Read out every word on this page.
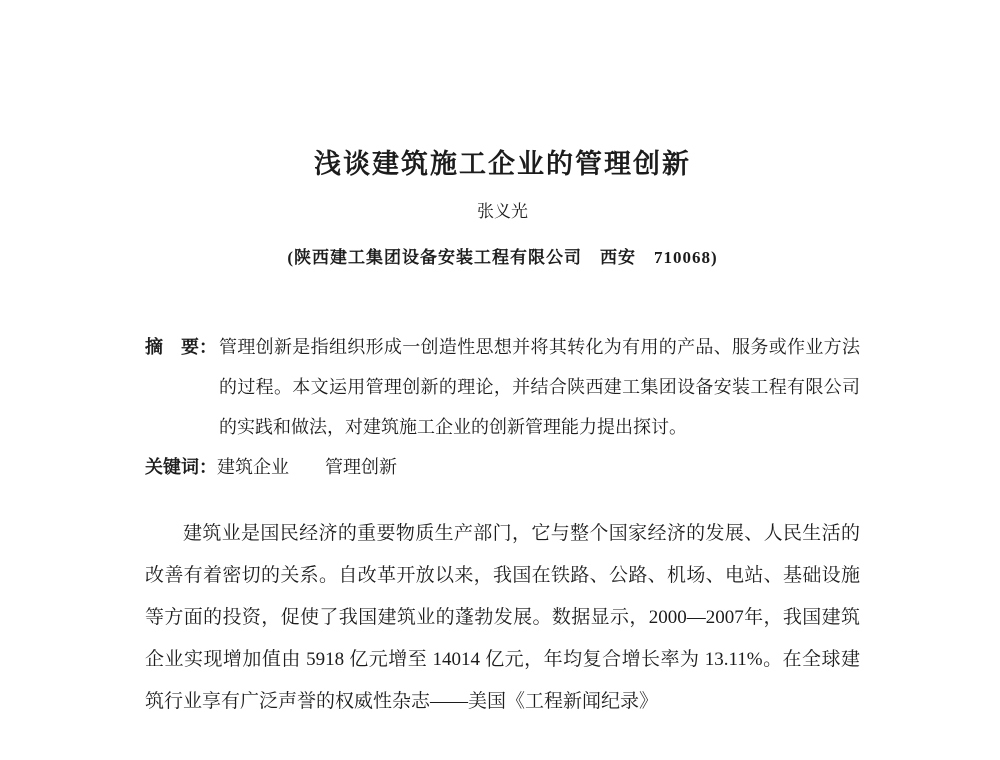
浅谈建筑施工企业的管理创新
张义光
(陕西建工集团设备安装工程有限公司　西安　710068)
摘　要： 管理创新是指组织形成一创造性思想并将其转化为有用的产品、服务或作业方法的过程。本文运用管理创新的理论，并结合陕西建工集团设备安装工程有限公司的实践和做法，对建筑施工企业的创新管理能力提出探讨。
关键词：建筑企业　　管理创新

建筑业是国民经济的重要物质生产部门，它与整个国家经济的发展、人民生活的改善有着密切的关系。自改革开放以来，我国在铁路、公路、机场、电站、基础设施等方面的投资，促使了我国建筑业的蓬勃发展。数据显示，2000—2007年，我国建筑企业实现增加值由 5918 亿元增至 14014 亿元，年均复合增长率为 13.11%。在全球建筑行业享有广泛声誉的权威性杂志——美国《工程新闻纪录》
